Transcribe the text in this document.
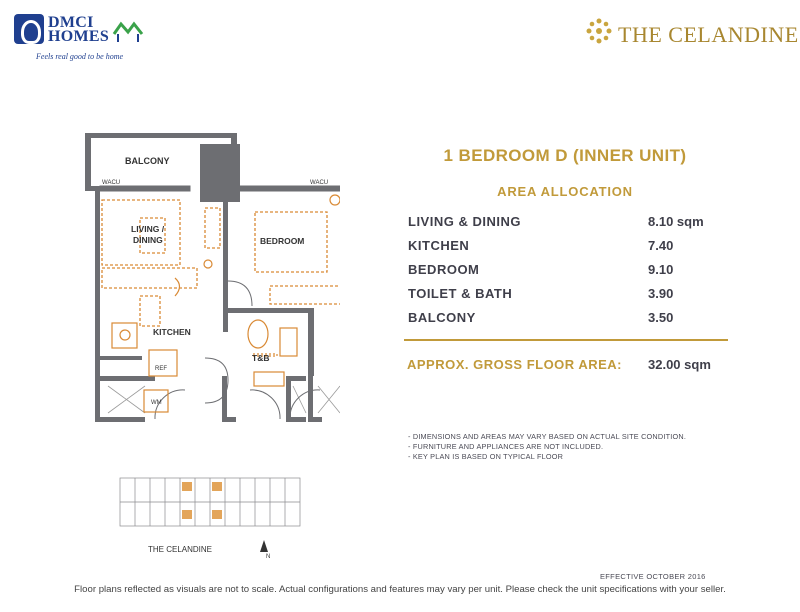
DMCI HOMES
Feels real good to be home
THE CELANDINE
BALCONY
WACU	WACU
LIVING /
DINING	BEDROOM
KITCHEN
T&B
REF
WM
1 BEDROOM D (INNER UNIT)
AREA ALLOCATION
LIVING & DINING	8.10 sqm
KITCHEN	7.40
BEDROOM	9.10
TOILET & BATH	3.90
BALCONY	3.50
APPROX. GROSS FLOOR AREA: 32.00 sqm
- DIMENSIONS AND AREAS MAY VARY BASED ON ACTUAL SITE CONDITION.
- FURNITURE AND APPLIANCES ARE NOT INCLUDED.
- KEY PLAN IS BASED ON TYPICAL FLOOR
THE CELANDINE
N
EFFECTIVE OCTOBER 2016
Floor plans reflected as visuals are not to scale. Actual configurations and features may vary per unit. Please check the unit specifications with your seller.
